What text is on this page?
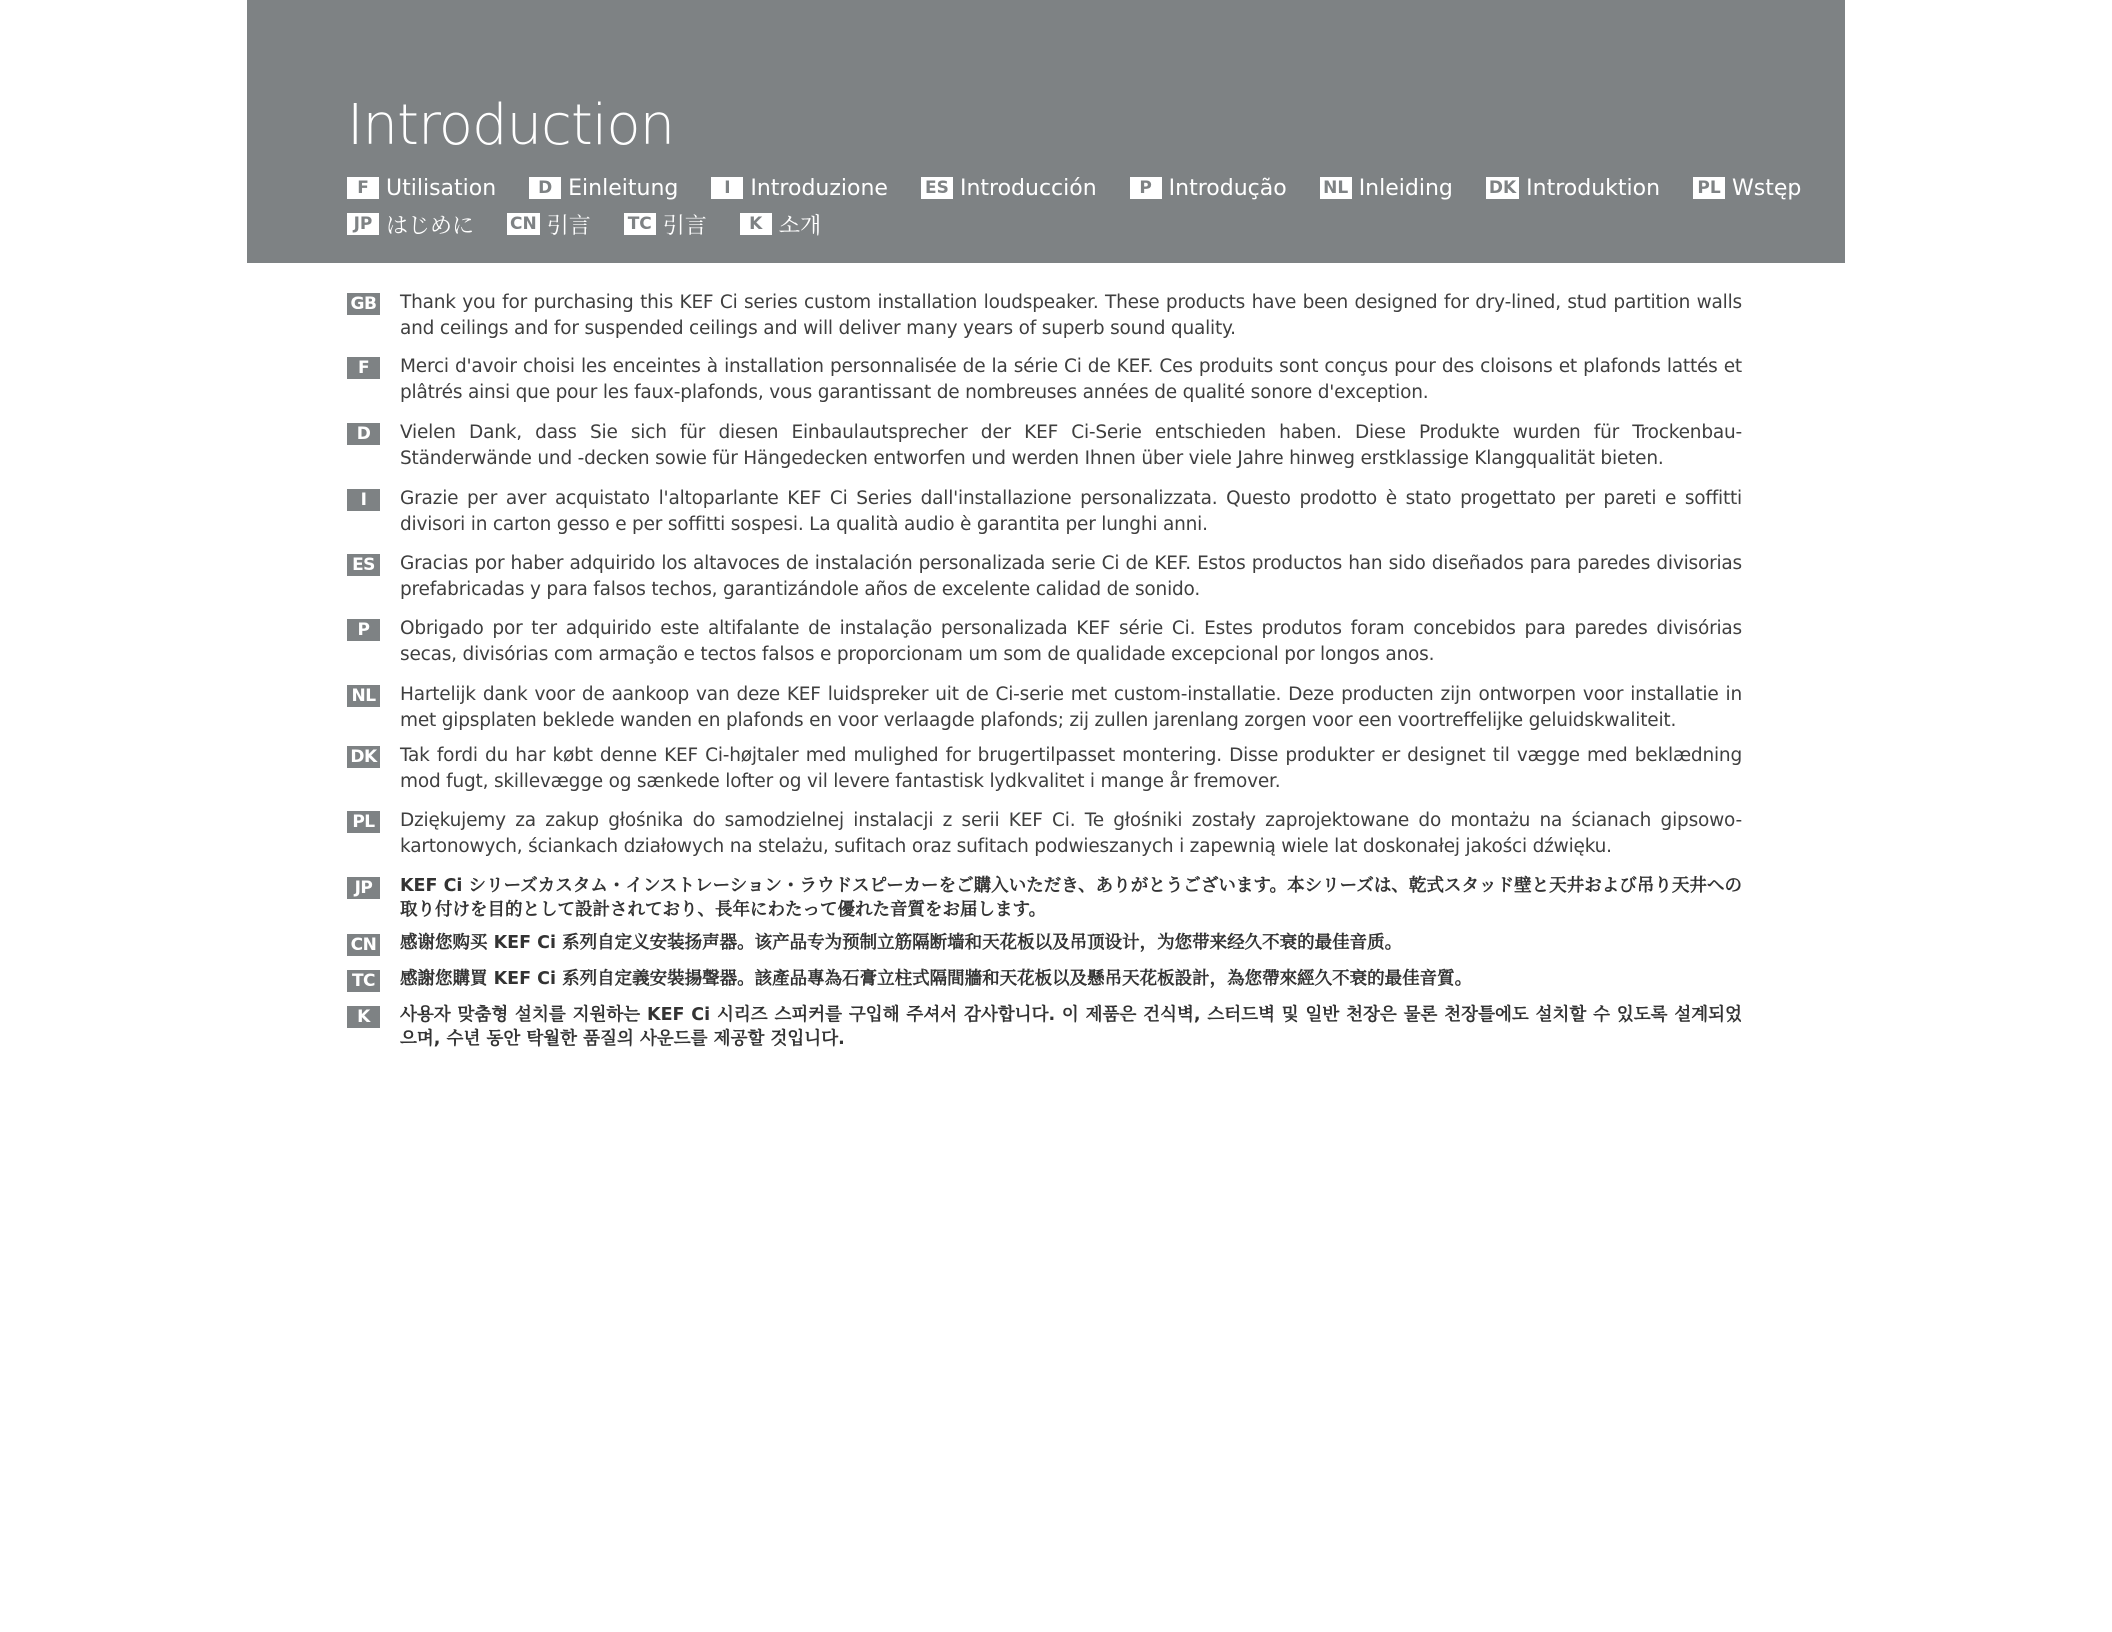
Introduction
F Utilisation	D Einleitung	I Introduzione ES Introducción	P Introdução NL Inleiding DK Introduktion PL Wstęp
JP はじめに CN 引言 TC 引言	K 소개
GB Thank you for purchasing this KEF Ci series custom installation loudspeaker. These products have been designed for dry-lined, stud partition walls and ceilings and for suspended ceilings and will deliver many years of superb sound quality.
F	Merci d'avoir choisi les enceintes à installation personnalisée de la série Ci de KEF. Ces produits sont conçus pour des cloisons et plafonds lattés et plâtrés ainsi que pour les faux-plafonds, vous garantissant de nombreuses années de qualité sonore d'exception.
D	Vielen Dank, dass Sie sich für diesen Einbaulautsprecher der KEF Ci-Serie entschieden haben. Diese Produkte wurden für Trockenbau-Ständerwände und -decken sowie für Hängedecken entworfen und werden Ihnen über viele Jahre hinweg erstklassige Klangqualität bieten.
I	Grazie per aver acquistato l'altoparlante KEF Ci Series dall'installazione personalizzata. Questo prodotto è stato progettato per pareti e soffitti divisori in carton gesso e per soffitti sospesi. La qualità audio è garantita per lunghi anni.
ES Gracias por haber adquirido los altavoces de instalación personalizada serie Ci de KEF. Estos productos han sido diseñados para paredes divisorias prefabricadas y para falsos techos, garantizándole años de excelente calidad de sonido.
P	Obrigado por ter adquirido este altifalante de instalação personalizada KEF série Ci. Estes produtos foram concebidos para paredes divisórias secas, divisórias com armação e tectos falsos e proporcionam um som de qualidade excepcional por longos anos.
NL Hartelijk dank voor de aankoop van deze KEF luidspreker uit de Ci-serie met custom-installatie. Deze producten zijn ontworpen voor installatie in met gipsplaten beklede wanden en plafonds en voor verlaagde plafonds; zij zullen jarenlang zorgen voor een voortreffelijke geluidskwaliteit.
DK Tak fordi du har købt denne KEF Ci-højtaler med mulighed for brugertilpasset montering. Disse produkter er designet til vægge med beklædning mod fugt, skillevægge og sænkede lofter og vil levere fantastisk lydkvalitet i mange år fremover.
PL Dziękujemy za zakup głośnika do samodzielnej instalacji z serii KEF Ci. Te głośniki zostały zaprojektowane do montażu na ścianach gipsowo-kartonowych, ściankach działowych na stelażu, sufitach oraz sufitach podwieszanych i zapewnią wiele lat doskonałej jakości dźwięku.
JP	KEF Ci シリーズカスタム・インストレーション・ラウドスピーカーをご購入いただき、ありがとうございます。本シリーズは、乾式スタッド壁と天井および吊り天井への取り付けを目的として設計されており、長年にわたって優れた音質をお届します。
CN 感谢您购买 KEF Ci 系列自定义安装扬声器。该产品专为预制立筋隔断墙和天花板以及吊顶设计，为您带来经久不衰的最佳音质。
TC 感謝您購買 KEF Ci 系列自定義安裝揚聲器。該產品專為石膏立柱式隔間牆和天花板以及懸吊天花板設計，為您帶來經久不衰的最佳音質。
K	사용자 맞춤형 설치를 지원하는 KEF Ci 시리즈 스피커를 구입해 주셔서 감사합니다. 이 제품은 건식벽, 스터드벽 및 일반 천장은 물론 천장틀에도 설치할 수 있도록 설계되었으며, 수년 동안 탁월한 품질의 사운드를 제공할 것입니다.
